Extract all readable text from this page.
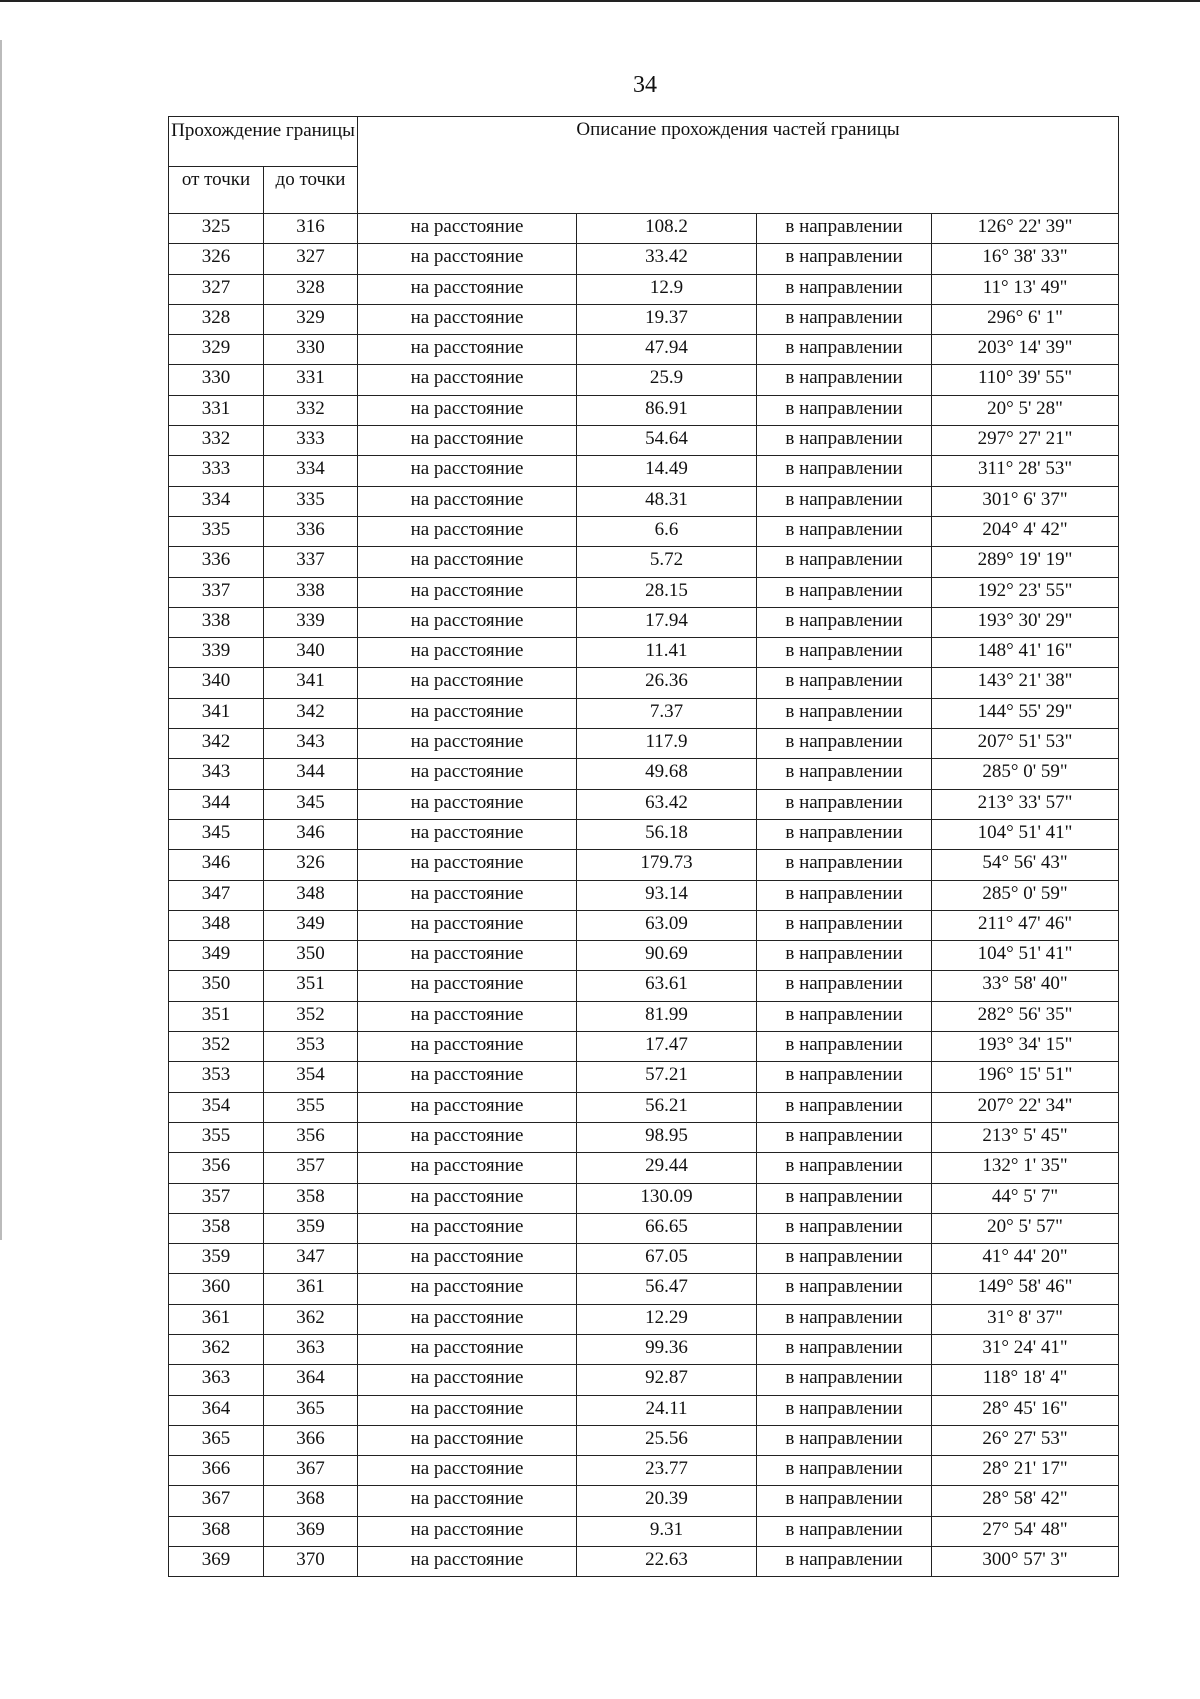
34
Прохождение границы		Описание прохождения частей границы			
от точки	до точки				
325	316	на расстояние	108.2	в направлении	126° 22' 39"
326	327	на расстояние	33.42	в направлении	16° 38' 33"
327	328	на расстояние	12.9	в направлении	11° 13' 49"
328	329	на расстояние	19.37	в направлении	296° 6' 1"
329	330	на расстояние	47.94	в направлении	203° 14' 39"
330	331	на расстояние	25.9	в направлении	110° 39' 55"
331	332	на расстояние	86.91	в направлении	20° 5' 28"
332	333	на расстояние	54.64	в направлении	297° 27' 21"
333	334	на расстояние	14.49	в направлении	311° 28' 53"
334	335	на расстояние	48.31	в направлении	301° 6' 37"
335	336	на расстояние	6.6	в направлении	204° 4' 42"
336	337	на расстояние	5.72	в направлении	289° 19' 19"
337	338	на расстояние	28.15	в направлении	192° 23' 55"
338	339	на расстояние	17.94	в направлении	193° 30' 29"
339	340	на расстояние	11.41	в направлении	148° 41' 16"
340	341	на расстояние	26.36	в направлении	143° 21' 38"
341	342	на расстояние	7.37	в направлении	144° 55' 29"
342	343	на расстояние	117.9	в направлении	207° 51' 53"
343	344	на расстояние	49.68	в направлении	285° 0' 59"
344	345	на расстояние	63.42	в направлении	213° 33' 57"
345	346	на расстояние	56.18	в направлении	104° 51' 41"
346	326	на расстояние	179.73	в направлении	54° 56' 43"
347	348	на расстояние	93.14	в направлении	285° 0' 59"
348	349	на расстояние	63.09	в направлении	211° 47' 46"
349	350	на расстояние	90.69	в направлении	104° 51' 41"
350	351	на расстояние	63.61	в направлении	33° 58' 40"
351	352	на расстояние	81.99	в направлении	282° 56' 35"
352	353	на расстояние	17.47	в направлении	193° 34' 15"
353	354	на расстояние	57.21	в направлении	196° 15' 51"
354	355	на расстояние	56.21	в направлении	207° 22' 34"
355	356	на расстояние	98.95	в направлении	213° 5' 45"
356	357	на расстояние	29.44	в направлении	132° 1' 35"
357	358	на расстояние	130.09	в направлении	44° 5' 7"
358	359	на расстояние	66.65	в направлении	20° 5' 57"
359	347	на расстояние	67.05	в направлении	41° 44' 20"
360	361	на расстояние	56.47	в направлении	149° 58' 46"
361	362	на расстояние	12.29	в направлении	31° 8' 37"
362	363	на расстояние	99.36	в направлении	31° 24' 41"
363	364	на расстояние	92.87	в направлении	118° 18' 4"
364	365	на расстояние	24.11	в направлении	28° 45' 16"
365	366	на расстояние	25.56	в направлении	26° 27' 53"
366	367	на расстояние	23.77	в направлении	28° 21' 17"
367	368	на расстояние	20.39	в направлении	28° 58' 42"
368	369	на расстояние	9.31	в направлении	27° 54' 48"
369	370	на расстояние	22.63	в направлении	300° 57' 3"
